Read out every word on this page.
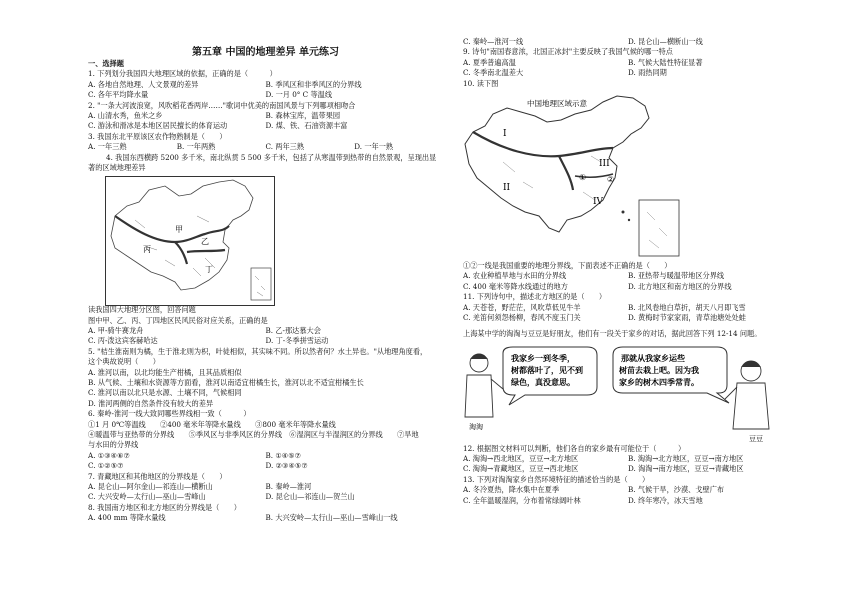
第五章 中国的地理差异 单元练习
一、选择题
1. 下列划分我国四大地理区域的依据，正确的是（　　　）
A. 各地自然地理、人文景观的差异	B. 季风区和非季风区的分界线
C. 各年平均降水量	D. 一月 0° C 等温线
2. "一条大河波浪宽，风吹稻花香两岸……"歌词中优美的南国风景与下列哪项相吻合
A. 山清水秀，鱼米之乡	B. 森林宝库，温带果园
C. 游泳和滑冰是本地区居民擅长的体育运动	D. 煤、铁、石油资源丰富
3. 我国东北平原该区农作物熟制是（　　）
A. 一年三熟	B. 一年两熟	C. 两年三熟	D. 一年一熟
4. 我国东西横跨 5200 多千米，南北纵贯 5 500 多千米，包括了从寒温带到热带的自然景观，呈现出显
著的区域地理差异
甲
乙
丙
丁
读我国四大地理分区图，回答问题
图中甲、乙、丙、丁四地区民风民俗对应关系，正确的是
A. 甲-骑牛赛龙舟	B. 乙-那达慕大会
C. 丙-泼这宾客赫哈达	D. 丁-冬季拼雪运动
5. "桔生淮南则为橘，生于淮北则为枳，叶徒相似，其实味不同。所以然者何？水土异也。"从地理角度看，
这个典故说明（　　）
A. 淮河以南，以北均能生产柑橘，且其品质相似
B. 从气候、土壤和水资源等方面看，淮河以南适宜柑橘生长，淮河以北不适宜柑橘生长
C. 淮河以南以北只是水源、土壤不同，气候相同
D. 淮河两侧的自然条件没有较大的差异
6. 秦岭-淮河一线大致同哪些界线相一致（　　　）
①1 月 0℃等温线　　②400 毫米年等降水量线　　③800 毫米年等降水量线
④暖温带与亚热带的分界线　　⑤季风区与非季风区的分界线　⑥湿润区与半湿润区的分界线　　⑦旱地
与水田的分界线
A. ①③④⑥⑦	B. ①④⑤⑦
C. ①②⑤⑦	D. ②③④⑤⑦
7. 青藏地区和其他地区的分界线是（　　）
A. 昆仑山—阿尔金山—祁连山—横断山	B. 秦岭—淮河
C. 大兴安岭—太行山—巫山—雪峰山	D. 昆仑山—祁连山—贺兰山
8. 我国南方地区和北方地区的分界线是（　　）
A. 400 mm 等降水量线	B. 大兴安岭—太行山—巫山—雪峰山一线
C. 秦岭—淮河一线	D. 昆仑山—横断山一线
9. 诗句"南国春意浓，北国正冰封"主要反映了我国气候的哪一特点
A. 夏季普遍高温	B. 气候大陆性特征显著
C. 冬季南北温差大	D. 雨热同期
10. 读下图
中国地理区域示意
I
II
III
IV
①	②
①②一线是我国重要的地理分界线，下面表述不正确的是（　　）
A. 农业种植旱地与水田的分界线	B. 亚热带与暖温带地区分界线
C. 400 毫米等降水线通过的地方	D. 北方地区和南方地区的分界线
11. 下列诗句中，描述北方地区的是（　　）
A. 天苍苍，野茫茫，风吹草低见牛羊	B. 北风卷地白草折，胡天八月即飞雪
C. 羌笛何须怨杨柳，春风不度玉门关	D. 黄梅时节家家雨，青草池塘处处蛙
上海某中学的淘淘与豆豆是好朋友，他们有一段关于家乡的对话，据此回答下列 12-14 问题。
我家乡一到冬季，
树都落叶了，见不到
绿色，真没意思。
那就从我家乡运些
树苗去栽上吧。因为我
家乡的树木四季常青。
淘淘
豆豆
12. 根据图文材料可以判断，他们各自的家乡最有可能位于（　　　）
A. 淘淘→西北地区，豆豆→北方地区	B. 淘淘→北方地区，豆豆→南方地区
C. 淘淘→青藏地区，豆豆→西北地区	D. 淘淘→南方地区，豆豆→青藏地区
13. 下列对淘淘家乡自然环境特征的描述恰当的是（　　）
A. 冬冷夏热，降水集中在夏季	B. 气候干旱，沙漠、戈壁广布
C. 全年温暖湿润，分布着常绿阔叶林	D. 终年寒冷，冰天雪地
